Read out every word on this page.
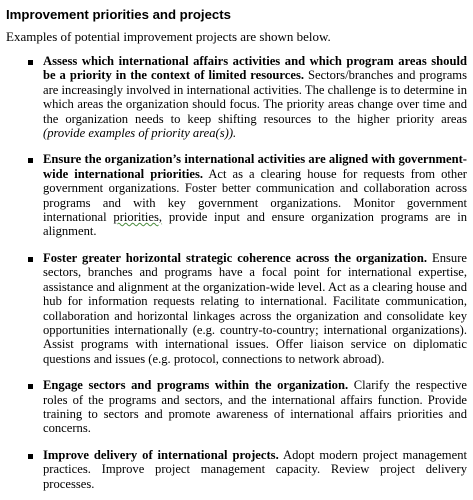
Improvement priorities and projects
Examples of potential improvement projects are shown below.
Assess which international affairs activities and which program areas should be a priority in the context of limited resources. Sectors/branches and programs are increasingly involved in international activities. The challenge is to determine in which areas the organization should focus. The priority areas change over time and the organization needs to keep shifting resources to the higher priority areas (provide examples of priority area(s)).
Ensure the organization’s international activities are aligned with government-wide international priorities. Act as a clearing house for requests from other government organizations. Foster better communication and collaboration across programs and with key government organizations. Monitor government international priorities, provide input and ensure organization programs are in alignment.
Foster greater horizontal strategic coherence across the organization. Ensure sectors, branches and programs have a focal point for international expertise, assistance and alignment at the organization-wide level. Act as a clearing house and hub for information requests relating to international. Facilitate communication, collaboration and horizontal linkages across the organization and consolidate key opportunities internationally (e.g. country-to-country; international organizations). Assist programs with international issues. Offer liaison service on diplomatic questions and issues (e.g. protocol, connections to network abroad).
Engage sectors and programs within the organization. Clarify the respective roles of the programs and sectors, and the international affairs function. Provide training to sectors and promote awareness of international affairs priorities and concerns.
Improve delivery of international projects. Adopt modern project management practices. Improve project management capacity. Review project delivery processes.
